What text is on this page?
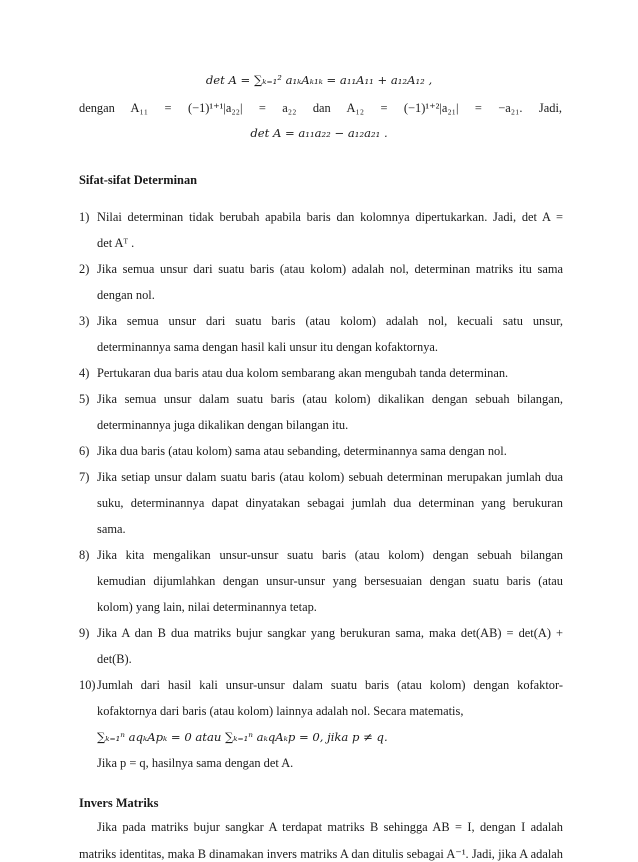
det A = ∑ₖ₌₁² a₁ₖAₖ₁ₖ = a₁₁A₁₁ + a₁₂A₁₂ ,
dengan A₁₁ = (−1)¹⁺¹|a₂₂| = a₂₂ dan A₁₂ = (−1)¹⁺²|a₂₁| = −a₂₁. Jadi,
det A = a₁₁a₂₂ − a₁₂a₂₁ .
Sifat-sifat Determinan
1) Nilai determinan tidak berubah apabila baris dan kolomnya dipertukarkan. Jadi, det A =
det Aᵀ .
2) Jika semua unsur dari suatu baris (atau kolom) adalah nol, determinan matriks itu sama
dengan nol.
3) Jika semua unsur dari suatu baris (atau kolom) adalah nol, kecuali satu unsur,
determinannya sama dengan hasil kali unsur itu dengan kofaktornya.
4) Pertukaran dua baris atau dua kolom sembarang akan mengubah tanda determinan.
5) Jika semua unsur dalam suatu baris (atau kolom) dikalikan dengan sebuah bilangan,
determinannya juga dikalikan dengan bilangan itu.
6) Jika dua baris (atau kolom) sama atau sebanding, determinannya sama dengan nol.
7) Jika setiap unsur dalam suatu baris (atau kolom) sebuah determinan merupakan jumlah dua
suku, determinannya dapat dinyatakan sebagai jumlah dua determinan yang berukuran
sama.
8) Jika kita mengalikan unsur-unsur suatu baris (atau kolom) dengan sebuah bilangan
kemudian dijumlahkan dengan unsur-unsur yang bersesuaian dengan suatu baris (atau
kolom) yang lain, nilai determinannya tetap.
9) Jika A dan B dua matriks bujur sangkar yang berukuran sama, maka det(AB) = det(A) +
det(B).
10) Jumlah dari hasil kali unsur-unsur dalam suatu baris (atau kolom) dengan kofaktor-
kofaktornya dari baris (atau kolom) lainnya adalah nol. Secara matematis,
∑ₖ₌₁ⁿ aqₖApₖ = 0 atau ∑ₖ₌₁ⁿ aₖqAₖp = 0, jika p ≠ q.
Jika p = q, hasilnya sama dengan det A.
Invers Matriks
Jika pada matriks bujur sangkar A terdapat matriks B sehingga AB = I, dengan I adalah
matriks identitas, maka B dinamakan invers matriks A dan ditulis sebagai A⁻¹. Jadi, jika A adalah
